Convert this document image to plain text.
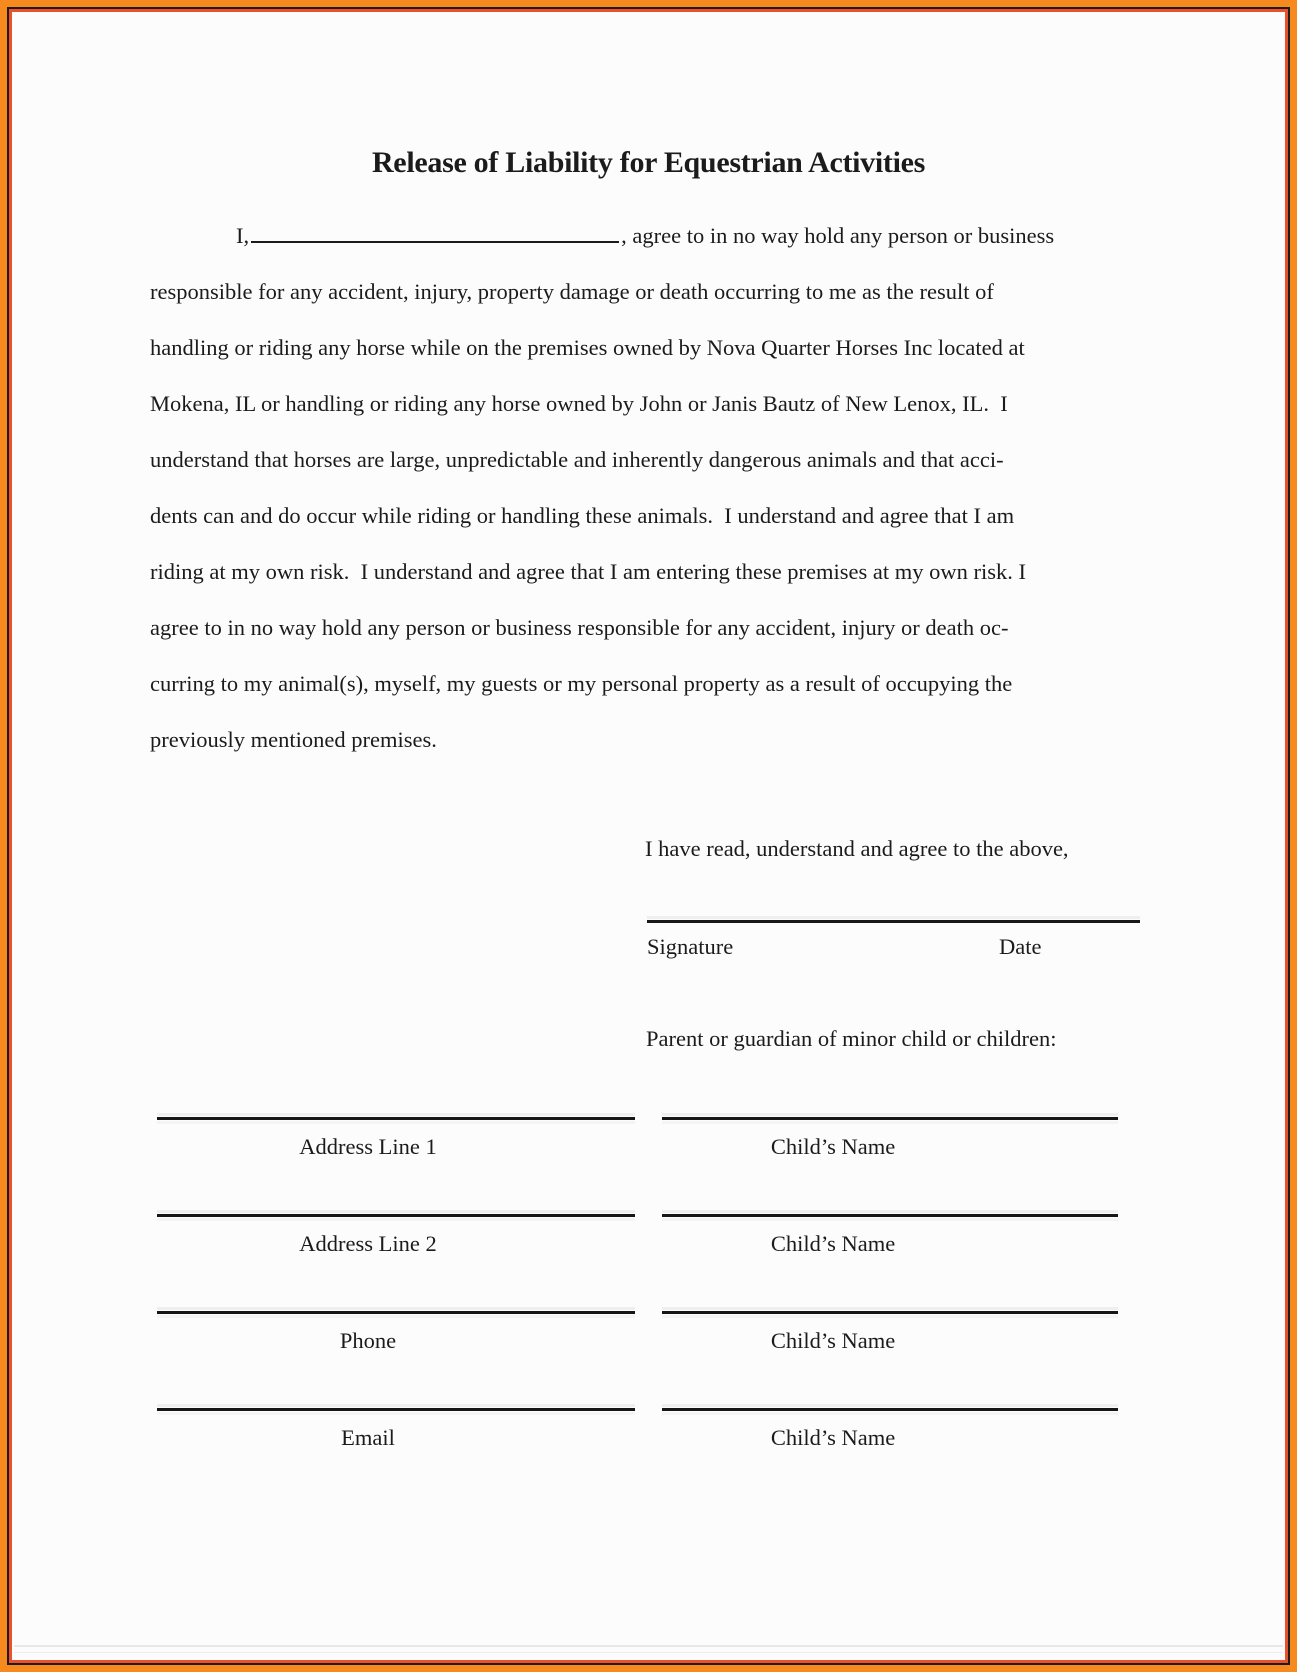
Release of Liability for Equestrian Activities
I,	, agree to in no way hold any person or business
responsible for any accident, injury, property damage or death occurring to me as the result of
handling or riding any horse while on the premises owned by Nova Quarter Horses Inc located at
Mokena, IL or handling or riding any horse owned by John or Janis Bautz of New Lenox, IL.  I
understand that horses are large, unpredictable and inherently dangerous animals and that acci-
dents can and do occur while riding or handling these animals.  I understand and agree that I am
riding at my own risk.  I understand and agree that I am entering these premises at my own risk. I
agree to in no way hold any person or business responsible for any accident, injury or death oc-
curring to my animal(s), myself, my guests or my personal property as a result of occupying the
previously mentioned premises.
I have read, understand and agree to the above,
Signature	Date
Parent or guardian of minor child or children:
Address Line 1	Child’s Name
Address Line 2	Child’s Name
Phone	Child’s Name
Email	Child’s Name
